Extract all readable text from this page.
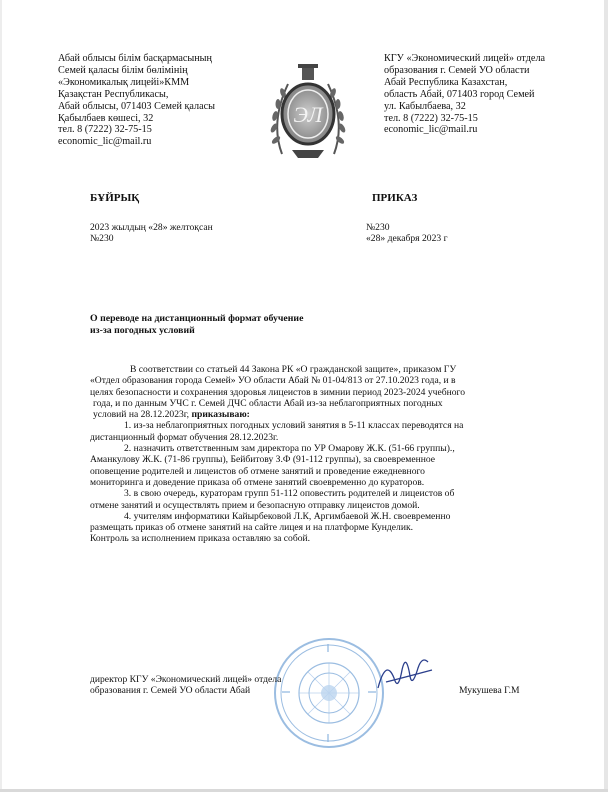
Абай облысы білім басқармасының
Семей қаласы білім бөлімінің
«Экономикалық лицейі»КММ
Қазақстан Республикасы,
Абай облысы, 071403 Семей қаласы
Қабылбаев көшесі, 32
тел. 8 (7222) 32-75-15
economic_lic@mail.ru
ЭЛ
КГУ «Экономический лицей» отдела
образования г. Семей УО области
Абай Республика Казахстан,
область Абай, 071403 город Семей
ул. Кабылбаева, 32
тел. 8 (7222) 32-75-15
economic_lic@mail.ru
БҰЙРЫҚ	ПРИКАЗ
2023 жылдың «28» желтоқсан
№230
№230
«28» декабря 2023 г
О переводе на дистанционный формат обучение
из-за погодных условий
В соответствии со статьей 44 Закона РК «О гражданской защите», приказом ГУ
«Отдел образования города Семей» УО области Абай № 01-04/813 от 27.10.2023 года, и в
целях безопасности и сохранения здоровья лицеистов в зимнии период 2023-2024 учебного
года, и по данным УЧС г. Семей ДЧС области Абай из-за неблагоприятных погодных
условий на 28.12.2023г, приказываю:
1. из-за неблагоприятных погодных условий занятия в 5-11 классах переводятся на
дистанционный формат обучения 28.12.2023г.
2. назначить ответственным зам директора по УР Омарову Ж.К. (51-66 группы).,
Аманкулову Ж.К. (71-86 группы), Бейбитову З.Ф (91-112 группы), за своевременное
оповещение родителей и лицеистов об отмене занятий и проведение ежедневного
мониторинга и доведение приказа об отмене занятий своевременно до кураторов.
3. в свою очередь, кураторам групп 51-112 оповестить родителей и лицеистов об
отмене занятий и осуществлять прием и безопасную отправку лицеистов домой.
4. учителям информатики Кайырбековой Л.К, Аргимбаевой Ж.Н. своевременно
размещать приказ об отмене занятий на сайте лицея и на платформе Кунделик.
Контроль за исполнением приказа оставляю за собой.
директор КГУ «Экономический лицей» отдела
образования г. Семей УО области Абай	Мукушева Г.М
